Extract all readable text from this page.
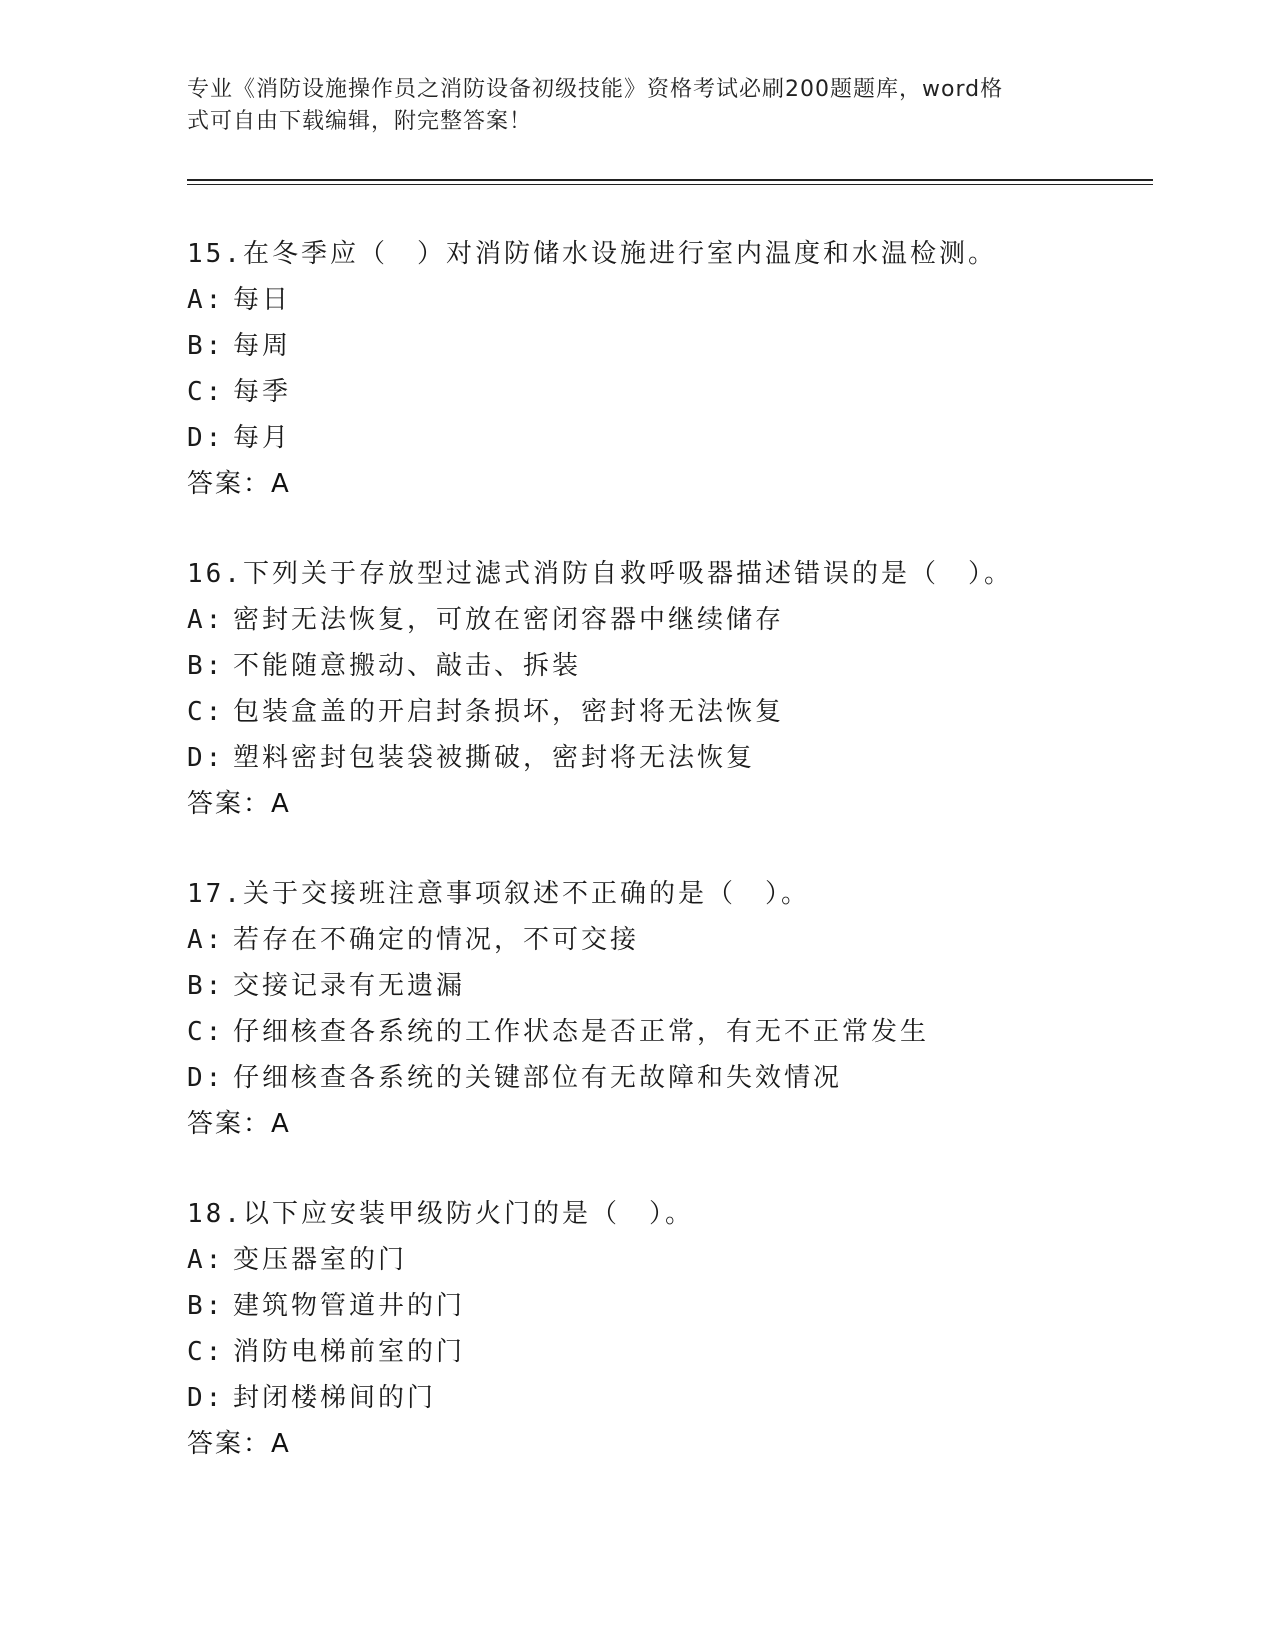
专业《消防设施操作员之消防设备初级技能》资格考试必刷200题题库，word格
式可自由下载编辑，附完整答案！
15.在冬季应（　）对消防储水设施进行室内温度和水温检测。
A: 每日
B: 每周
C: 每季
D: 每月
答案：A
16.下列关于存放型过滤式消防自救呼吸器描述错误的是（　）。
A: 密封无法恢复，可放在密闭容器中继续储存
B: 不能随意搬动、敲击、拆装
C: 包装盒盖的开启封条损坏，密封将无法恢复
D: 塑料密封包装袋被撕破，密封将无法恢复
答案：A
17.关于交接班注意事项叙述不正确的是（　）。
A: 若存在不确定的情况，不可交接
B: 交接记录有无遗漏
C: 仔细核查各系统的工作状态是否正常，有无不正常发生
D: 仔细核查各系统的关键部位有无故障和失效情况
答案：A
18.以下应安装甲级防火门的是（　）。
A: 变压器室的门
B: 建筑物管道井的门
C: 消防电梯前室的门
D: 封闭楼梯间的门
答案：A
